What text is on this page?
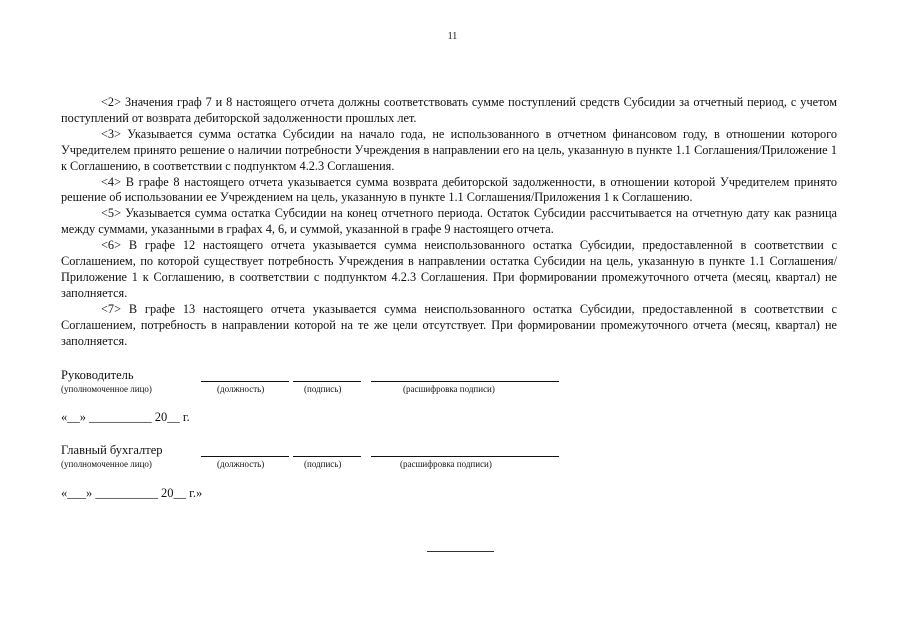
11

<2> Значения граф 7 и 8 настоящего отчета должны соответствовать сумме поступлений средств Субсидии за отчетный период, с учетом поступлений от возврата дебиторской задолженности прошлых лет.

<3> Указывается сумма остатка Субсидии на начало года, не использованного в отчетном финансовом году, в отношении которого Учредителем принято решение о наличии потребности Учреждения в направлении его на цель, указанную в пункте 1.1 Соглашения/Приложение 1 к Соглашению, в соответствии с подпунктом 4.2.3 Соглашения.

<4> В графе 8 настоящего отчета указывается сумма возврата дебиторской задолженности, в отношении которой Учредителем принято решение об использовании ее Учреждением на цель, указанную в пункте 1.1 Соглашения/Приложения 1 к Соглашению.

<5> Указывается сумма остатка Субсидии на конец отчетного периода. Остаток Субсидии рассчитывается на отчетную дату как разница между суммами, указанными в графах 4, 6, и суммой, указанной в графе 9 настоящего отчета.

<6> В графе 12 настоящего отчета указывается сумма неиспользованного остатка Субсидии, предоставленной в соответствии с Соглашением, по которой существует потребность Учреждения в направлении остатка Субсидии на цель, указанную в пункте 1.1 Соглашения/Приложение 1 к Соглашению, в соответствии с подпунктом 4.2.3 Соглашения. При формировании промежуточного отчета (месяц, квартал) не заполняется.

<7> В графе 13 настоящего отчета указывается сумма неиспользованного остатка Субсидии, предоставленной в соответствии с Соглашением, потребность в направлении которой на те же цели отсутствует. При формировании промежуточного отчета (месяц, квартал) не заполняется.

Руководитель
(уполномоченное лицо)	(должность)	(подпись)	(расшифровка подписи)
«__» __________ 20__ г.
Главный бухгалтер
(уполномоченное лицо)	(должность)	(подпись)	(расшифровка подписи)
«___» __________ 20__ г.»
